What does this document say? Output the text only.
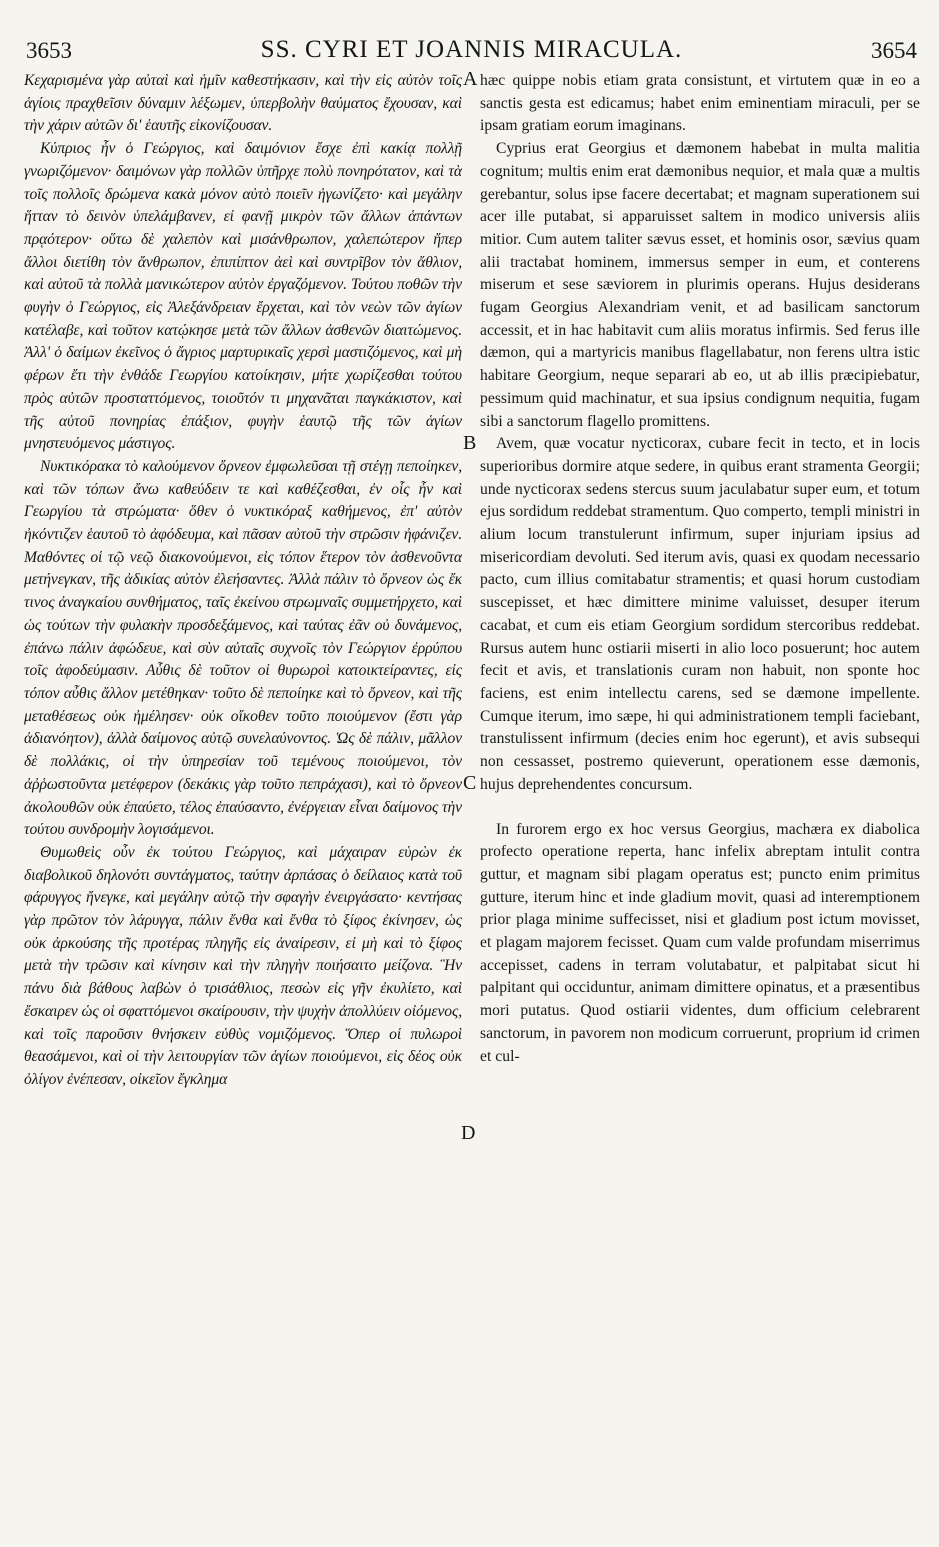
3653	SS. CYRI ET JOANNIS MIRACULA.	3654

Κεχαρισμένα γὰρ αὐταὶ καὶ ἡμῖν καθεστήκασιν, καὶ τὴν εἰς αὐτὸν τοῖς ἁγίοις πραχθεῖσιν δύναμιν λέξωμεν, ὑπερβολὴν θαύματος ἔχουσαν, καὶ τὴν χάριν αὐτῶν δι' ἑαυτῆς εἰκονίζουσαν.

Κύπριος ἦν ὁ Γεώργιος, καὶ δαιμόνιον ἔσχε ἐπὶ κακίᾳ πολλῇ γνωριζόμενον· δαιμόνων γὰρ πολλῶν ὑπῆρχε πολὺ πονηρότατον, καὶ τὰ τοῖς πολλοῖς δρώμενα κακὰ μόνον αὐτὸ ποιεῖν ἠγωνίζετο· καὶ μεγάλην ἥτταν τὸ δεινὸν ὑπελάμβανεν, εἰ φανῇ μικρὸν τῶν ἄλλων ἁπάντων πρᾳότερον· οὕτω δὲ χαλεπὸν καὶ μισάνθρωπον, χαλεπώτερον ἤπερ ἄλλοι διετίθη τὸν ἄνθρωπον, ἐπιπίπτον ἀεὶ καὶ συντρῖβον τὸν ἄθλιον, καὶ αὐτοῦ τὰ πολλὰ μανικώτερον αὐτὸν ἐργαζόμενον. Τούτου ποθῶν τὴν φυγὴν ὁ Γεώργιος, εἰς Ἀλεξάνδρειαν ἔρχεται, καὶ τὸν νεὼν τῶν ἁγίων κατέλαβε, καὶ τοῦτον κατῴκησε μετὰ τῶν ἄλλων ἀσθενῶν διαιτώμενος. Ἀλλ' ὁ δαίμων ἐκεῖνος ὁ ἄγριος μαρτυρικαῖς χερσὶ μαστιζόμενος, καὶ μὴ φέρων ἔτι τὴν ἐνθάδε Γεωργίου κατοίκησιν, μήτε χωρίζεσθαι τούτου πρὸς αὐτῶν προσταττόμενος, τοιοῦτόν τι μηχανᾶται παγκάκιστον, καὶ τῆς αὐτοῦ πονηρίας ἐπάξιον, φυγὴν ἑαυτῷ τῆς τῶν ἁγίων μνηστευόμενος μάστιγος.

Νυκτικόρακα τὸ καλούμενον ὄρνεον ἐμφωλεῦσαι τῇ στέγῃ πεποίηκεν, καὶ τῶν τόπων ἄνω καθεύδειν τε καὶ καθέζεσθαι, ἐν οἷς ἦν καὶ Γεωργίου τὰ στρώματα· ὅθεν ὁ νυκτικόραξ καθήμενος, ἐπ' αὐτὸν ἠκόντιζεν ἑαυτοῦ τὸ ἀφόδευμα, καὶ πᾶσαν αὐτοῦ τὴν στρῶσιν ἠφάνιζεν. Μαθόντες οἱ τῷ νεῷ διακονούμενοι, εἰς τόπον ἕτερον τὸν ἀσθενοῦντα μετήνεγκαν, τῆς ἀδικίας αὐτὸν ἐλεήσαντες. Ἀλλὰ πάλιν τὸ ὄρνεον ὡς ἔκ τινος ἀναγκαίου συνθήματος, ταῖς ἐκείνου στρωμναῖς συμμετήρχετο, καὶ ὡς τούτων τὴν φυλακὴν προσδεξάμενος, καὶ ταύτας ἐᾶν οὐ δυνάμενος, ἐπάνω πάλιν ἀφώδευε, καὶ σὺν αὐταῖς συχνοῖς τὸν Γεώργιον ἐρρύπου τοῖς ἀφοδεύμασιν. Αὖθις δὲ τοῦτον οἱ θυρωροὶ κατοικτείραντες, εἰς τόπον αὖθις ἄλλον μετέθηκαν· τοῦτο δὲ πεποίηκε καὶ τὸ ὄρνεον, καὶ τῆς μεταθέσεως οὐκ ἠμέλησεν· οὐκ οἴκοθεν τοῦτο ποιούμενον (ἔστι γὰρ ἀδιανόητον), ἀλλὰ δαίμονος αὐτῷ συνελαύνοντος. Ὡς δὲ πάλιν, μᾶλλον δὲ πολλάκις, οἱ τὴν ὑπηρεσίαν τοῦ τεμένους ποιούμενοι, τὸν ἀῤῥωστοῦντα μετέφερον (δεκάκις γὰρ τοῦτο πεπράχασι), καὶ τὸ ὄρνεον ἀκολουθῶν οὐκ ἐπαύετο, τέλος ἐπαύσαντο, ἐνέργειαν εἶναι δαίμονος τὴν τούτου συνδρομὴν λογισάμενοι.

Θυμωθεὶς οὖν ἐκ τούτου Γεώργιος, καὶ μάχαιραν εὑρὼν ἐκ διαβολικοῦ δηλονότι συντάγματος, ταύτην ἁρπάσας ὁ δείλαιος κατὰ τοῦ φάρυγγος ἤνεγκε, καὶ μεγάλην αὐτῷ τὴν σφαγὴν ἐνειργάσατο· κεντήσας γὰρ πρῶτον τὸν λάρυγγα, πάλιν ἔνθα καὶ ἔνθα τὸ ξίφος ἐκίνησεν, ὡς οὐκ ἀρκούσης τῆς προτέρας πληγῆς εἰς ἀναίρεσιν, εἰ μὴ καὶ τὸ ξίφος μετὰ τὴν τρῶσιν καὶ κίνησιν καὶ τὴν πληγὴν ποιήσαιτο μείζονα. Ἣν πάνυ διὰ βάθους λαβὼν ὁ τρισάθλιος, πεσὼν εἰς γῆν ἐκυλίετο, καὶ ἔσκαιρεν ὡς οἱ σφαττόμενοι σκαίρουσιν, τὴν ψυχὴν ἀπολλύειν οἰόμενος, καὶ τοῖς παροῦσιν θνήσκειν εὐθὺς νομιζόμενος. Ὅπερ οἱ πυλωροὶ θεασάμενοι, καὶ οἱ τὴν λειτουργίαν τῶν ἁγίων ποιούμενοι, εἰς δέος οὐκ ὀλίγον ἐνέπεσαν, οἰκεῖον ἔγκλημα

A
B
C
D

hæc quippe nobis etiam grata consistunt, et virtutem quæ in eo a sanctis gesta est edicamus; habet enim eminentiam miraculi, per se ipsam gratiam eorum imaginans.

Cyprius erat Georgius et dæmonem habebat in multa malitia cognitum; multis enim erat dæmonibus nequior, et mala quæ a multis gerebantur, solus ipse facere decertabat; et magnam superationem sui acer ille putabat, si apparuisset saltem in modico universis aliis mitior. Cum autem taliter sævus esset, et hominis osor, sævius quam alii tractabat hominem, immersus semper in eum, et conterens miserum et sese sæviorem in plurimis operans. Hujus desiderans fugam Georgius Alexandriam venit, et ad basilicam sanctorum accessit, et in hac habitavit cum aliis moratus infirmis. Sed ferus ille dæmon, qui a martyricis manibus flagellabatur, non ferens ultra istic habitare Georgium, neque separari ab eo, ut ab illis præcipiebatur, pessimum quid machinatur, et sua ipsius condignum nequitia, fugam sibi a sanctorum flagello promittens.

Avem, quæ vocatur nycticorax, cubare fecit in tecto, et in locis superioribus dormire atque sedere, in quibus erant stramenta Georgii; unde nycticorax sedens stercus suum jaculabatur super eum, et totum ejus sordidum reddebat stramentum. Quo comperto, templi ministri in alium locum transtulerunt infirmum, super injuriam ipsius ad misericordiam devoluti. Sed iterum avis, quasi ex quodam necessario pacto, cum illius comitabatur stramentis; et quasi horum custodiam suscepisset, et hæc dimittere minime valuisset, desuper iterum cacabat, et cum eis etiam Georgium sordidum stercoribus reddebat. Rursus autem hunc ostiarii miserti in alio loco posuerunt; hoc autem fecit et avis, et translationis curam non habuit, non sponte hoc faciens, est enim intellectu carens, sed se dæmone impellente. Cumque iterum, imo sæpe, hi qui administrationem templi faciebant, transtulissent infirmum (decies enim hoc egerunt), et avis subsequi non cessasset, postremo quieverunt, operationem esse dæmonis, hujus deprehendentes concursum.

In furorem ergo ex hoc versus Georgius, machæra ex diabolica profecto operatione reperta, hanc infelix abreptam intulit contra guttur, et magnam sibi plagam operatus est; puncto enim primitus gutture, iterum hinc et inde gladium movit, quasi ad interemptionem prior plaga minime suffecisset, nisi et gladium post ictum movisset, et plagam majorem fecisset. Quam cum valde profundam miserrimus accepisset, cadens in terram volutabatur, et palpitabat sicut hi palpitant qui occiduntur, animam dimittere opinatus, et a præsentibus mori putatus. Quod ostiarii videntes, dum officium celebrarent sanctorum, in pavorem non modicum corruerunt, proprium id crimen et cul-
